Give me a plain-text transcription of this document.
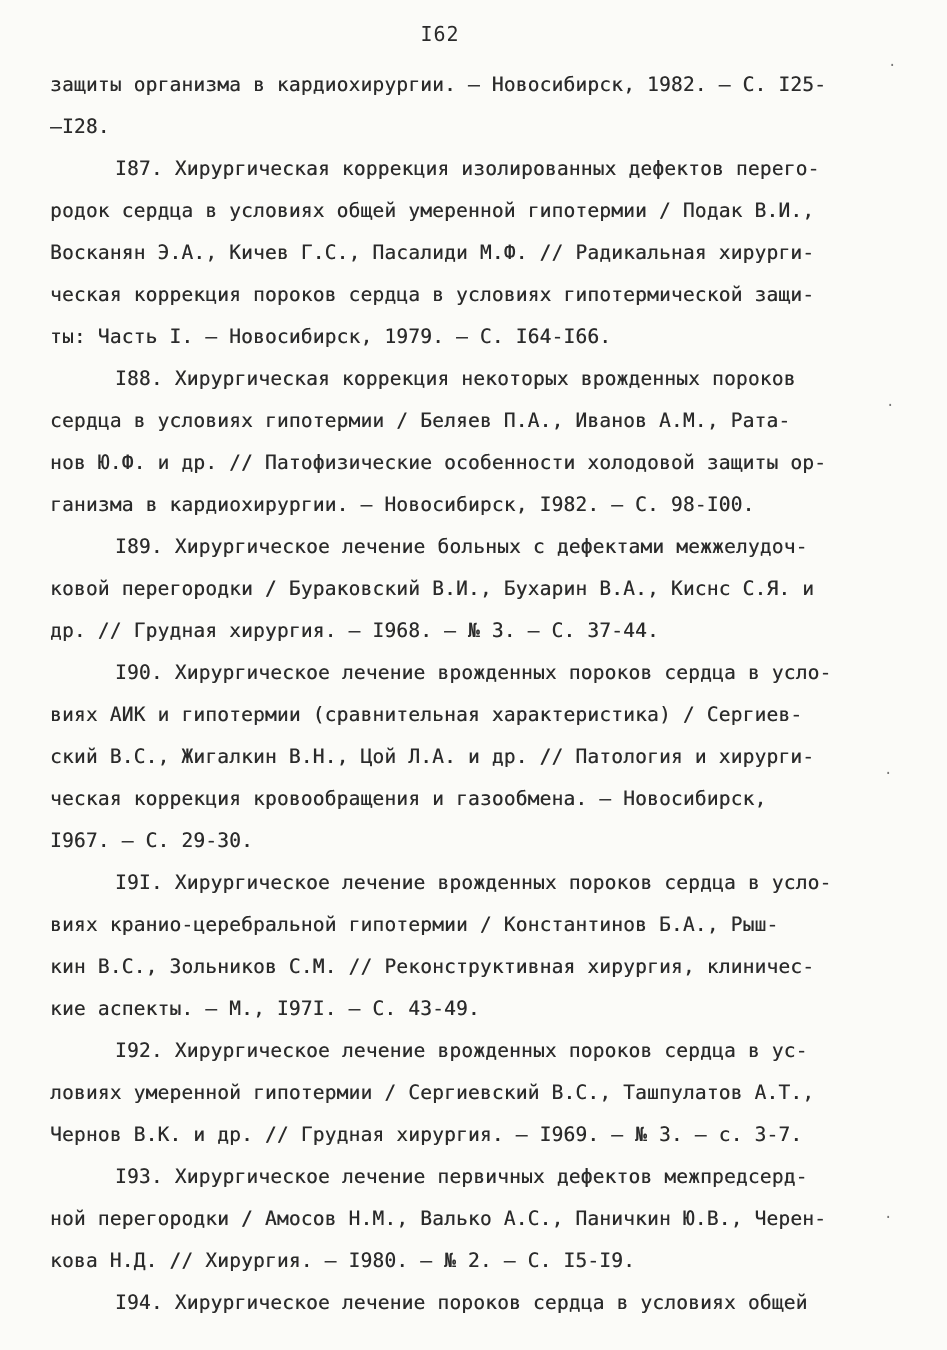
I62
защиты организма в кардиохирургии. – Новосибирск, 1982. – С. I25-
–I28.
I87. Хирургическая коррекция изолированных дефектов перего-
родок сердца в условиях общей умеренной гипотермии / Подак В.И.,
Восканян Э.А., Кичев Г.С., Пасалиди М.Ф. // Радикальная хирурги-
ческая коррекция пороков сердца в условиях гипотермической защи-
ты: Часть I. – Новосибирск, 1979. – С. I64-I66.
I88. Хирургическая коррекция некоторых врожденных пороков
сердца в условиях гипотермии / Беляев П.А., Иванов А.М., Ратa-
нов Ю.Ф. и др. // Патофизические особенности холодовой защиты ор-
ганизма в кардиохирургии. – Новосибирск, I982. – С. 98-I00.
I89. Хирургическое лечение больных с дефектами межжелудоч-
ковой перегородки / Бураковский В.И., Бухарин В.А., Киснс С.Я. и
др. // Грудная хирургия. – I968. – № 3. – С. 37-44.
I90. Хирургическое лечение врожденных пороков сердца в усло-
виях АИК и гипотермии (сравнительная характеристика) / Сергиев-
ский В.С., Жигалкин В.Н., Цой Л.А. и др. // Патология и хирурги-
ческая коррекция кровообращения и газообмена. – Новосибирск,
I967. – С. 29-30.
I9I. Хирургическое лечение врожденных пороков сердца в усло-
виях кранио-церебральной гипотермии / Константинов Б.А., Рыш-
кин В.С., Зольников С.М. // Реконструктивная хирургия, клиничес-
кие аспекты. – М., I97I. – С. 43-49.
I92. Хирургическое лечение врожденных пороков сердца в ус-
ловиях умеренной гипотермии / Сергиевский В.С., Ташпулатов А.Т.,
Чернов В.К. и др. // Грудная хирургия. – I969. – № 3. – с. 3-7.
I93. Хирургическое лечение первичных дефектов межпредсерд-
ной перегородки / Амосов Н.М., Валько А.С., Паничкин Ю.В., Черен-
кова Н.Д. // Хирургия. – I980. – № 2. – С. I5-I9.
I94. Хирургическое лечение пороков сердца в условиях общей
·
·
·
·
